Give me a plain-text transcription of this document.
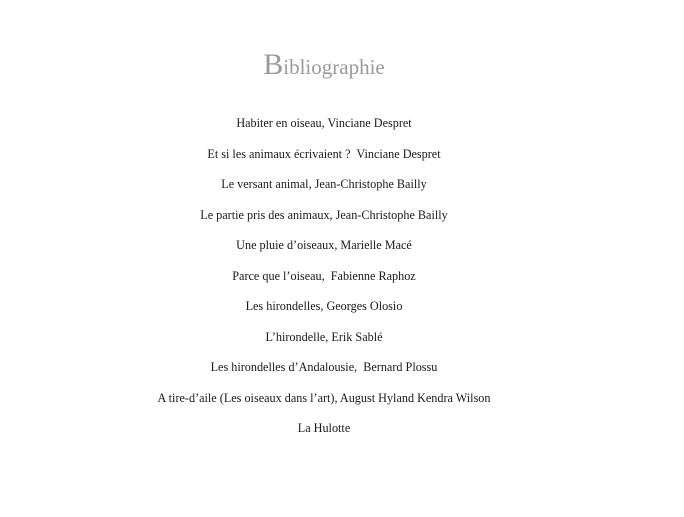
Bibliographie
Habiter en oiseau, Vinciane Despret
Et si les animaux écrivaient ?  Vinciane Despret
Le versant animal, Jean-Christophe Bailly
Le partie pris des animaux, Jean-Christophe Bailly
Une pluie d’oiseaux, Marielle Macé
Parce que l’oiseau,  Fabienne Raphoz
Les hirondelles, Georges Olosio
L’hirondelle, Erik Sablé
Les hirondelles d’Andalousie,  Bernard Plossu
A tire-d’aile (Les oiseaux dans l’art), August Hyland Kendra Wilson
La Hulotte
